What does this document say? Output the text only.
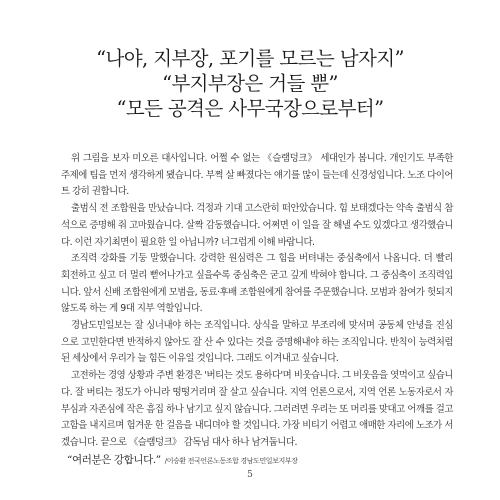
“나야, 지부장, 포기를 모르는 남자지”
“부지부장은 거들 뿐”
“모든 공격은 사무국장으로부터”

위 그림을 보자 미오른 대사입니다. 어쩔 수 없는 《슬램덩크》 세대인가 봅니다. 개인기도 부족한 주제에 팀을 먼저 생각하게 됐습니다. 부쩍 살 빠졌다는 얘기를 많이 들는데 신경성입니다. 노조 다이어트 강히 권합니다.

출범식 전 조합원을 만났습니다. 걱정과 기대 고스란히 떠안았습니다. 힘 보태겠다는 약속 출범식 참석으로 증명해 줘 고마웠습니다. 살짝 감동했습니다. 어쩌면 이 일을 잘 해낼 수도 있겠다고 생각했습니다. 이런 자기최면이 필요한 일 아닙니까? 너그럽게 이해 바랍니다.

조직력 강화를 기둥 말했습니다. 강력한 원심력은 그 힘을 버텨내는 중심축에서 나옵니다. 더 빨리 회전하고 싶고 더 멀리 뻗어나가고 싶을수록 중심축은 굳고 깊게 박혀야 합니다. 그 중심축이 조직력입니다. 앞서 신배 조합원에게 모범을, 동료·후배 조합원에게 참여를 주문했습니다. 모범과 참여가 헛되지 않도록 하는 게 9대 지부 역할입니다.

경남도민일보는 잘 싱너내야 하는 조직입니다. 상식을 말하고 부조리에 맞서며 공동체 안녕을 진심으로 고민한다면 반적하지 않아도 잘 산 수 있다는 것을 증명해내야 하는 조직입니다. 반칙이 능력처럼 된 세상에서 우리가 늘 힘든 이유일 것입니다. 그래도 이겨내고 싶습니다.

고전하는 경영 상황과 주변 환경은 '버티는 것도 용하다'며 비웃습니다. 그 비웃음을 엿먹이고 싶습니다. 잘 버티는 정도가 아니라 떵떵거리며 잘 살고 싶습니다. 지역 언론으로서, 지역 언론 노동자로서 자부심과 자존심에 작은 흠집 하나 남기고 싶지 않습니다. 그러려면 우리는 또 머리를 맞대고 어깨를 걸고 고함을 내지르며 험겨운 한 걸음을 내디뎌야 할 것입니다. 가장 비티기 어렵고 애매한 자리에 노조가 서겠습니다. 끝으로 《슬램덩크》 감독님 대사 하나 남겨둡니다.

“여러분은 강합니다.” /이승환 전국언론노동조합 경남도민일보지부장
5
